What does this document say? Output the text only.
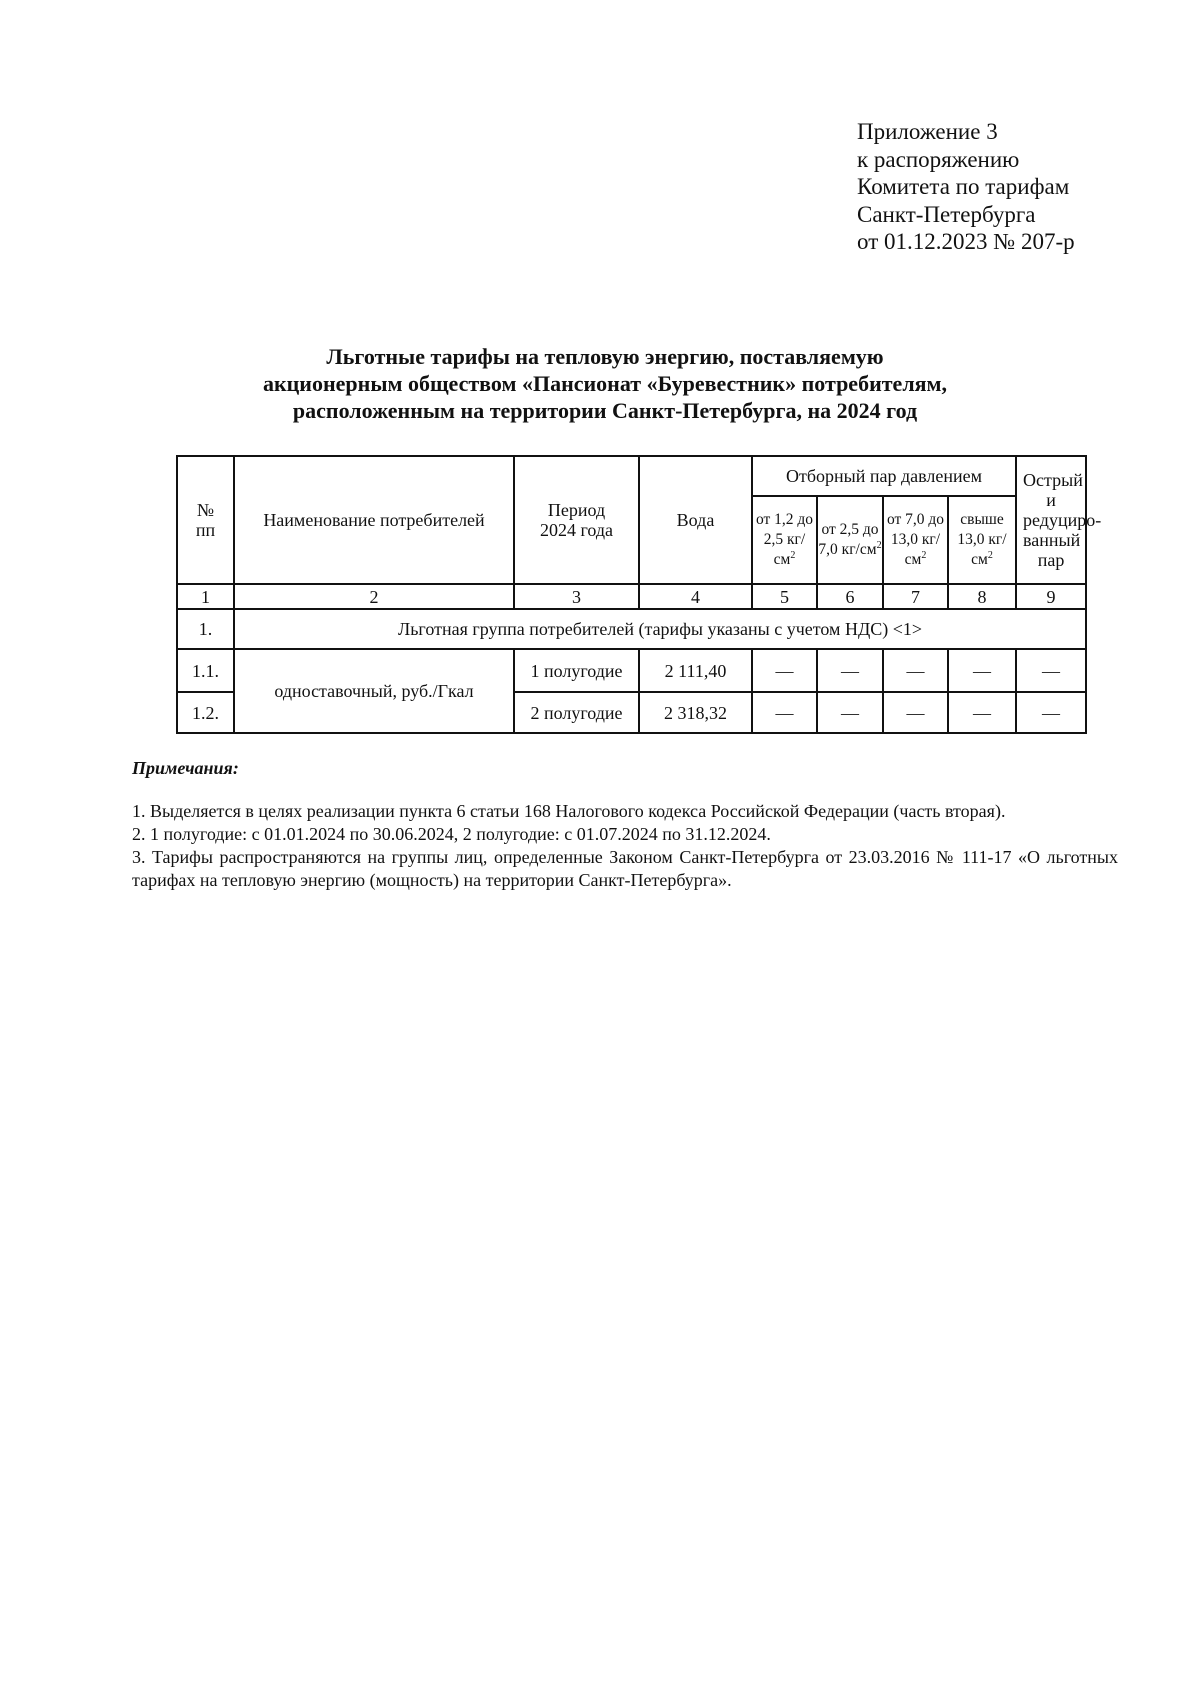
Приложение 3
к распоряжению
Комитета по тарифам
Санкт-Петербурга
от 01.12.2023 № 207-р
Льготные тарифы на тепловую энергию, поставляемую
акционерным обществом «Пансионат «Буревестник» потребителям,
расположенным на территории Санкт-Петербурга, на 2024 год
№ пп	Наименование потребителей	Период 2024 года	Вода	Отборный пар давлением				Острый и редуциро-ванный пар
				от 1,2 до 2,5 $кг/см^2$	от 2,5 до 7,0 $кг/см^2$	от 7,0 до 13,0 $кг/см^2$	свыше 13,0 $кг/см^2$
1	2	3	4	5	6	7	8	9
1.	Льготная группа потребителей (тарифы указаны с учетом НДС) <1>							
1.1.	одноставочный, руб./Гкал	1 полугодие	2 111,40	—	—	—	—	—
1.2.		2 полугодие	2 318,32	—	—	—	—	—
Примечания:
1. Выделяется в целях реализации пункта 6 статьи 168 Налогового кодекса Российской Федерации (часть вторая).
2. 1 полугодие: с 01.01.2024 по 30.06.2024, 2 полугодие: с 01.07.2024 по 31.12.2024.
3. Тарифы распространяются на группы лиц, определенные Законом Санкт-Петербурга от 23.03.2016 № 111-17 «О льготных тарифах на тепловую энергию (мощность) на территории Санкт-Петербурга».
